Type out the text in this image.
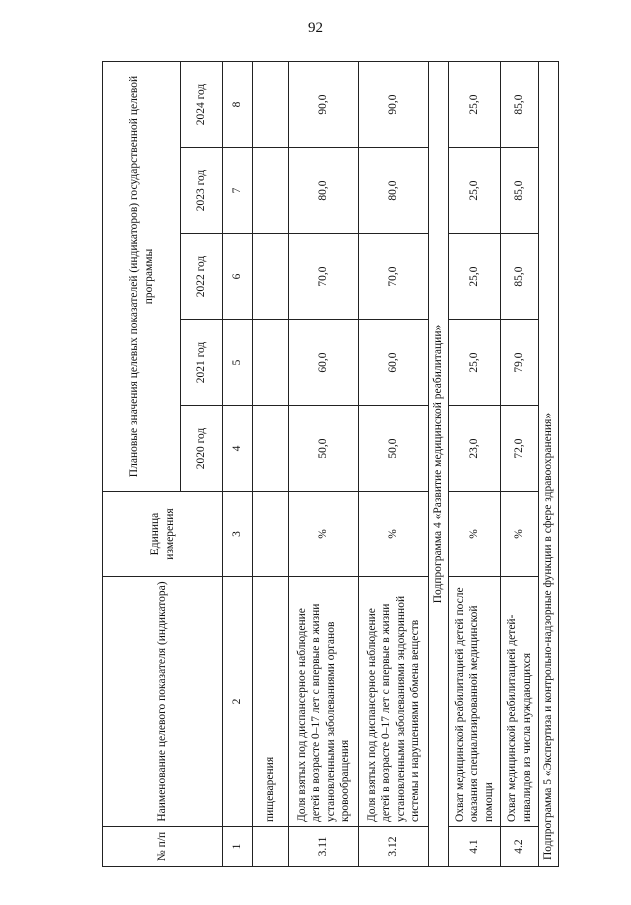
92
№ п/п	Наименование целевого показателя (индикатора)	Единица измерения	Плановые значения целевых показателей (индикаторов) государственной целевой программы				
			2020 год	2021 год	2022 год	2023 год	2024 год
1	2	3	4	5	6	7	8
	пищеварения						
3.11	Доля взятых под диспансерное наблюдение детей в возрасте 0–17 лет с впервые в жизни установленными заболеваниями органов кровообращения	%	50,0	60,0	70,0	80,0	90,0
3.12	Доля взятых под диспансерное наблюдение детей в возрасте 0–17 лет с впервые в жизни установленными заболеваниями эндокринной системы и нарушениями обмена веществ	%	50,0	60,0	70,0	80,0	90,0
Подпрограмма 4 «Развитие медицинской реабилитации»							
4.1	Охват медицинской реабилитацией детей после оказания специализированной медицинской помощи	%	23,0	25,0	25,0	25,0	25,0
4.2	Охват медицинской реабилитацией детей-инвалидов из числа нуждающихся	%	72,0	79,0	85,0	85,0	85,0
Подпрограмма 5 «Экспертиза и контрольно-надзорные функции в сфере здравоохранения»							
